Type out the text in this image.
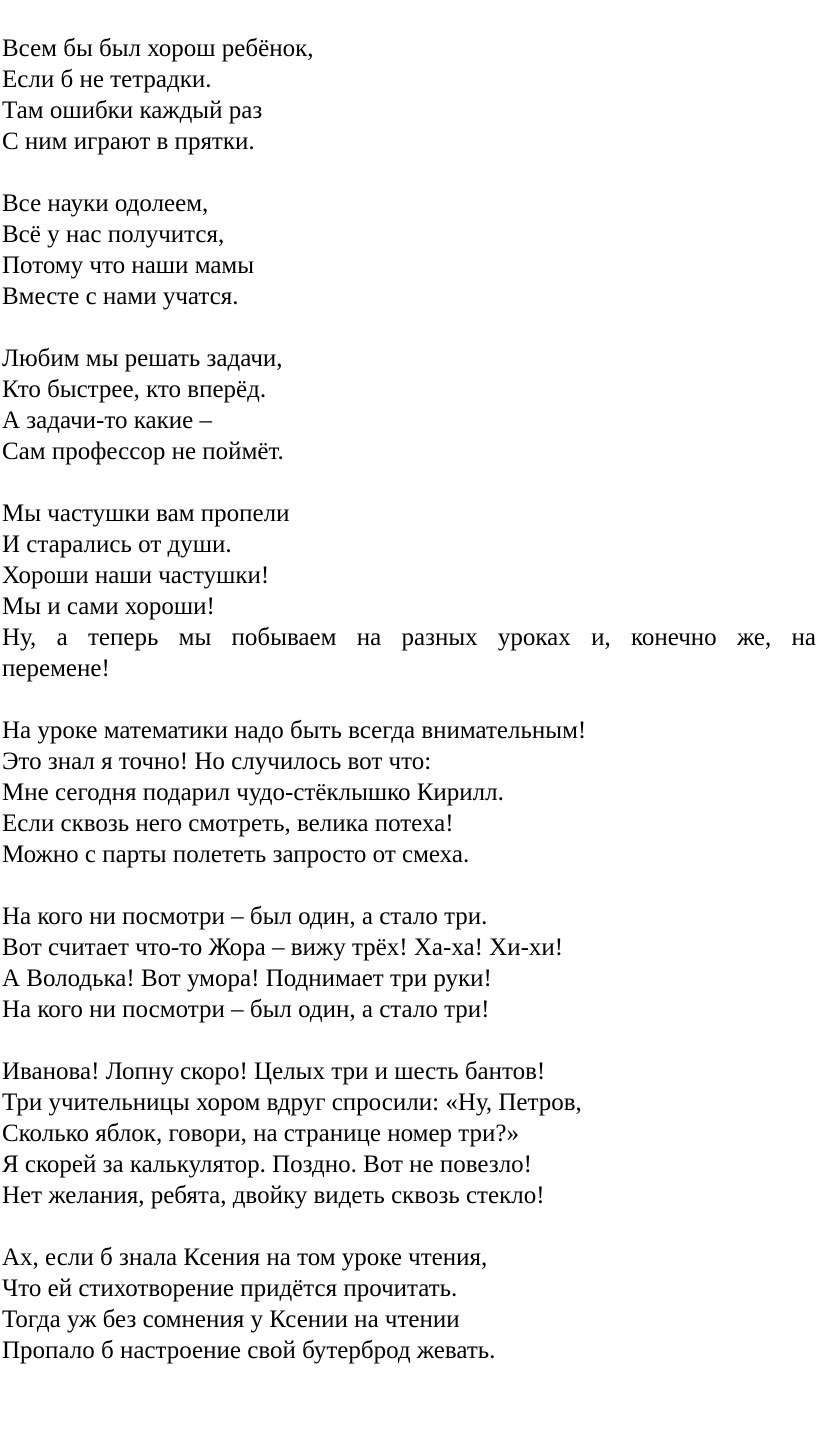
Всем бы был хорош ребёнок,
Если б не тетрадки.
Там ошибки каждый раз
С ним играют в прятки.
Все науки одолеем,
Всё у нас получится,
Потому что наши мамы
Вместе с нами учатся.
Любим мы решать задачи,
Кто быстрее, кто вперёд.
А задачи-то какие –
Сам профессор не поймёт.
Мы частушки вам пропели
И старались от души.
Хороши наши частушки!
Мы и сами хороши!
Ну, а теперь мы побываем на разных уроках и, конечно же, на
перемене!
На уроке математики надо быть всегда внимательным!
Это знал я точно! Но случилось вот что:
Мне сегодня подарил чудо-стёклышко Кирилл.
Если сквозь него смотреть, велика потеха!
Можно с парты полететь запросто от смеха.
На кого ни посмотри – был один, а стало три.
Вот считает что-то Жора – вижу трёх! Ха-ха! Хи-хи!
А Володька! Вот умора! Поднимает три руки!
На кого ни посмотри – был один, а стало три!
Иванова! Лопну скоро! Целых три и шесть бантов!
Три учительницы хором вдруг спросили: «Ну, Петров,
Сколько яблок, говори, на странице номер три?»
Я скорей за калькулятор. Поздно. Вот не повезло!
Нет желания, ребята, двойку видеть сквозь стекло!
Ах, если б знала Ксения на том уроке чтения,
Что ей стихотворение придётся прочитать.
Тогда уж без сомнения у Ксении на чтении
Пропало б настроение свой бутерброд жевать.
